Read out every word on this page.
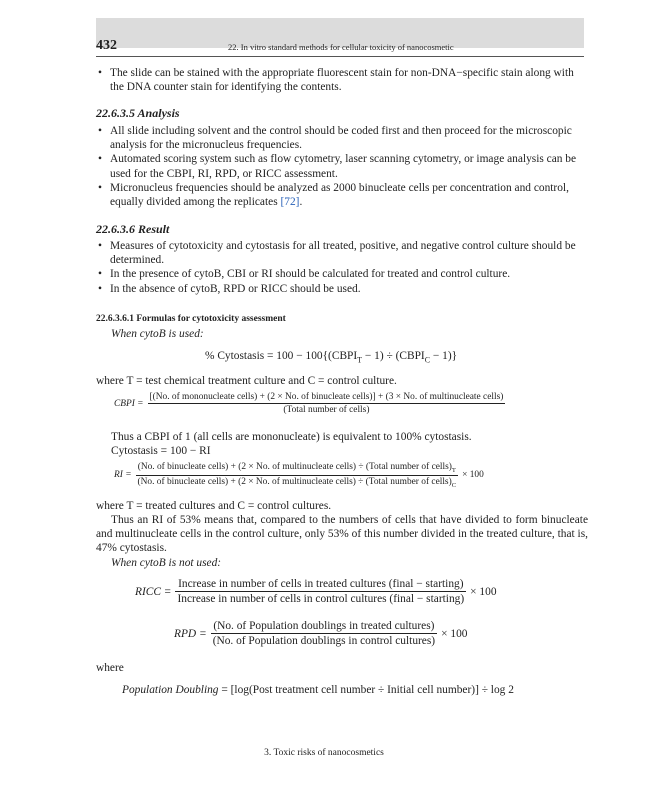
432	22. In vitro standard methods for cellular toxicity of nanocosmetic
• The slide can be stained with the appropriate fluorescent stain for non-DNA−specific stain along with the DNA counter stain for identifying the contents.
22.6.3.5 Analysis
• All slide including solvent and the control should be coded first and then proceed for the microscopic analysis for the micronucleus frequencies.
• Automated scoring system such as flow cytometry, laser scanning cytometry, or image analysis can be used for the CBPI, RI, RPD, or RICC assessment.
• Micronucleus frequencies should be analyzed as 2000 binucleate cells per concentration and control, equally divided among the replicates [72].
22.6.3.6 Result
• Measures of cytotoxicity and cytostasis for all treated, positive, and negative control culture should be determined.
• In the presence of cytoB, CBI or RI should be calculated for treated and control culture.
• In the absence of cytoB, RPD or RICC should be used.
22.6.3.6.1 Formulas for cytotoxicity assessment
When cytoB is used:
% Cytostasis = $100 - 100\{(CBPI_T - 1)$ ÷ $(CBPI_C - 1)$}
where T = test chemical treatment culture and C = control culture.
CBPI =
[(No. of mononucleate cells) + (2 × No. of binucleate cells)] + (3 × No. of multinucleate cells)
(Total number of cells)
Thus a CBPI of 1 (all cells are mononucleate) is equivalent to 100% cytostasis.
Cytostasis = 100 − RI
RI =
(No. of binucleate cells) + (2 × No. of multinucleate cells) ÷ (Total number of $cells)_T$
(No. of binucleate cells) + (2 × No. of multinucleate cells) ÷ (Total number of $cells)_C$
× 100
where T = treated cultures and C = control cultures.
Thus an RI of 53% means that, compared to the numbers of cells that have divided to form binucleate and multinucleate cells in the control culture, only 53% of this number divided in the treated culture, that is, 47% cytostasis.
When cytoB is not used:
RICC =
Increase in number of cells in treated cultures (final − starting)
Increase in number of cells in control cultures (final − starting)
× 100
RPD = $\frac{\text{(No. of Population doublings in treated cultures)}}{\text{(No. of Population doublings in control cultures)}} \times 100$
where
Population Doubling = [log(Post treatment cell number ÷ Initial cell number)] ÷ log 2
3. Toxic risks of nanocosmetics
